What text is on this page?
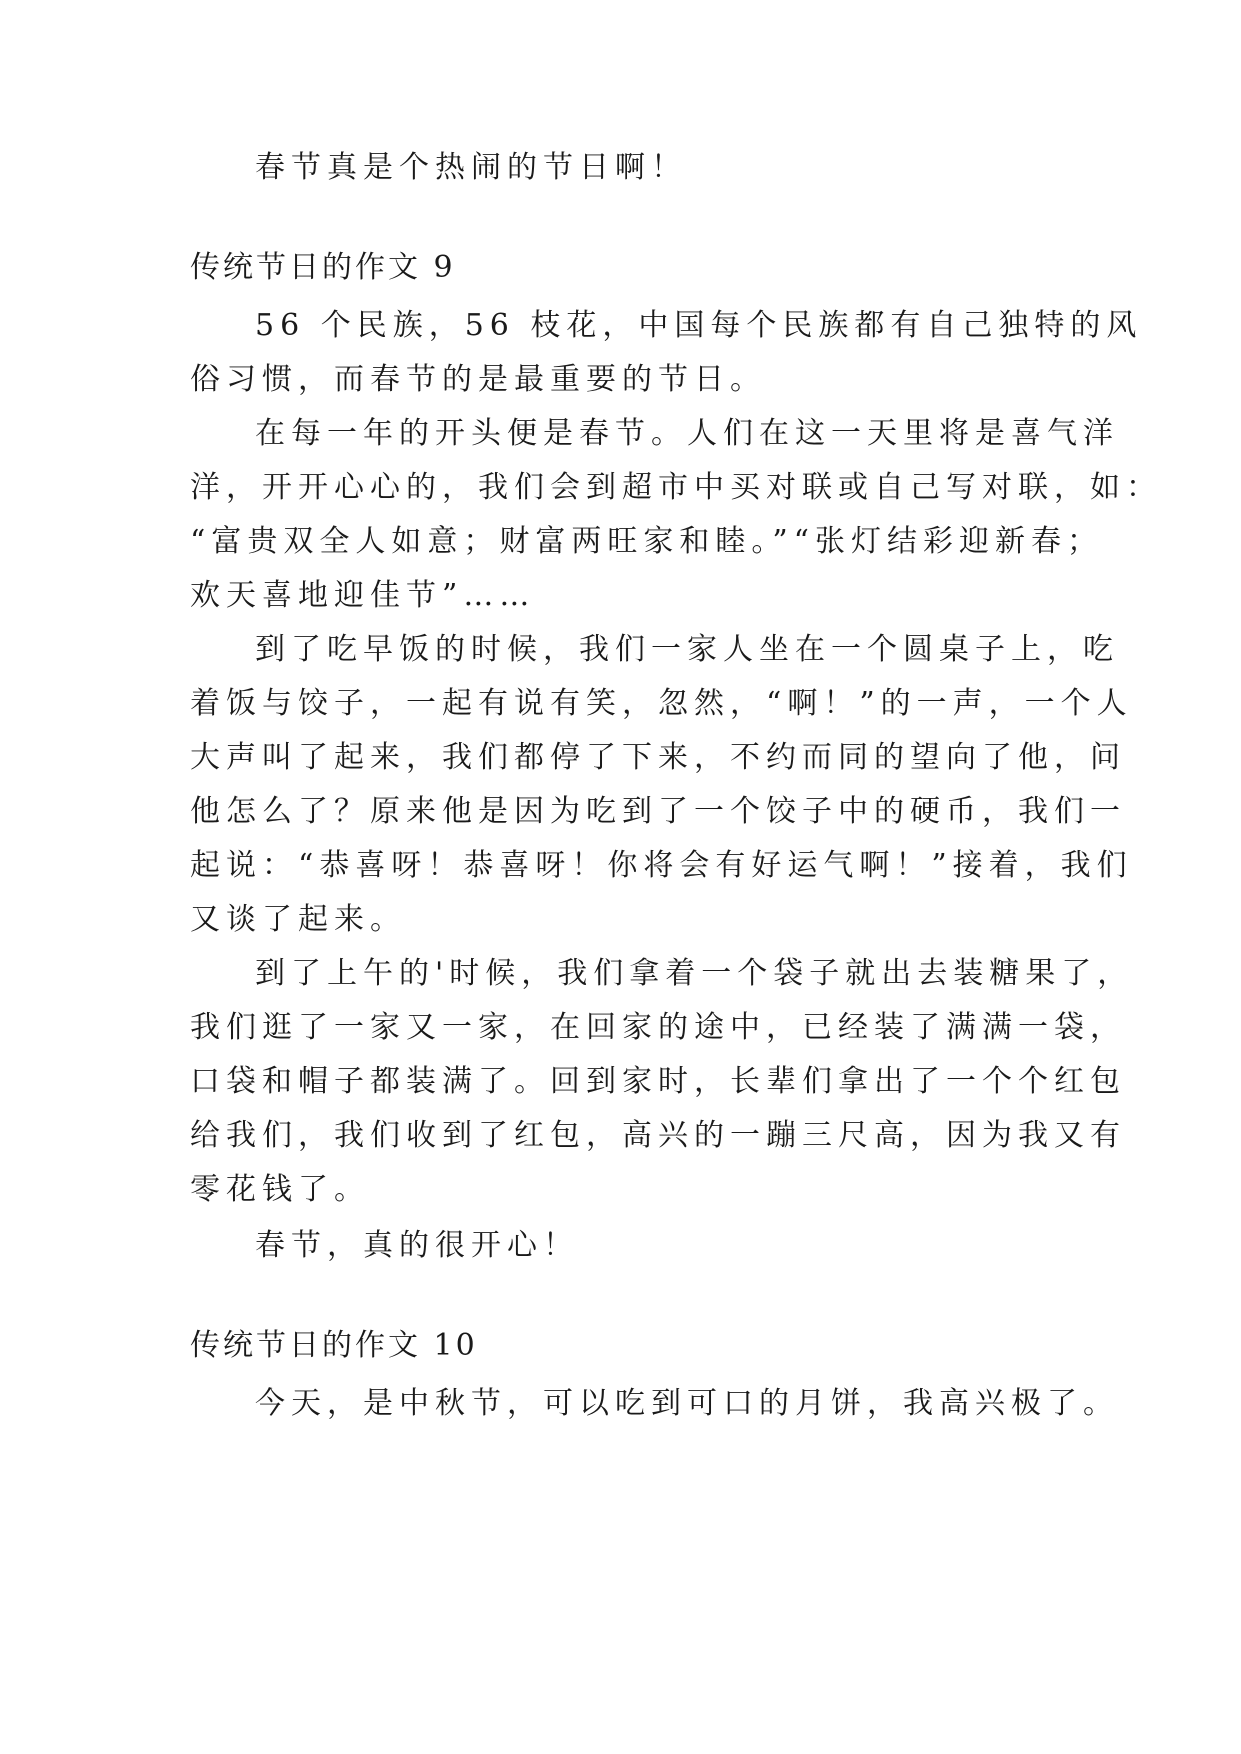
春节真是个热闹的节日啊！
传统节日的作文 9
56 个民族，56 枝花，中国每个民族都有自己独特的风
俗习惯，而春节的是最重要的节日。
在每一年的开头便是春节。人们在这一天里将是喜气洋
洋，开开心心的，我们会到超市中买对联或自己写对联，如：
“富贵双全人如意；财富两旺家和睦。”“张灯结彩迎新春；
欢天喜地迎佳节”……
到了吃早饭的时候，我们一家人坐在一个圆桌子上，吃
着饭与饺子，一起有说有笑，忽然，“啊！”的一声，一个人
大声叫了起来，我们都停了下来，不约而同的望向了他，问
他怎么了？原来他是因为吃到了一个饺子中的硬币，我们一
起说：“恭喜呀！恭喜呀！你将会有好运气啊！”接着，我们
又谈了起来。
到了上午的'时候，我们拿着一个袋子就出去装糖果了，
我们逛了一家又一家，在回家的途中，已经装了满满一袋，
口袋和帽子都装满了。回到家时，长辈们拿出了一个个红包
给我们，我们收到了红包，高兴的一蹦三尺高，因为我又有
零花钱了。
春节，真的很开心！
传统节日的作文 10
今天，是中秋节，可以吃到可口的月饼，我高兴极了。
